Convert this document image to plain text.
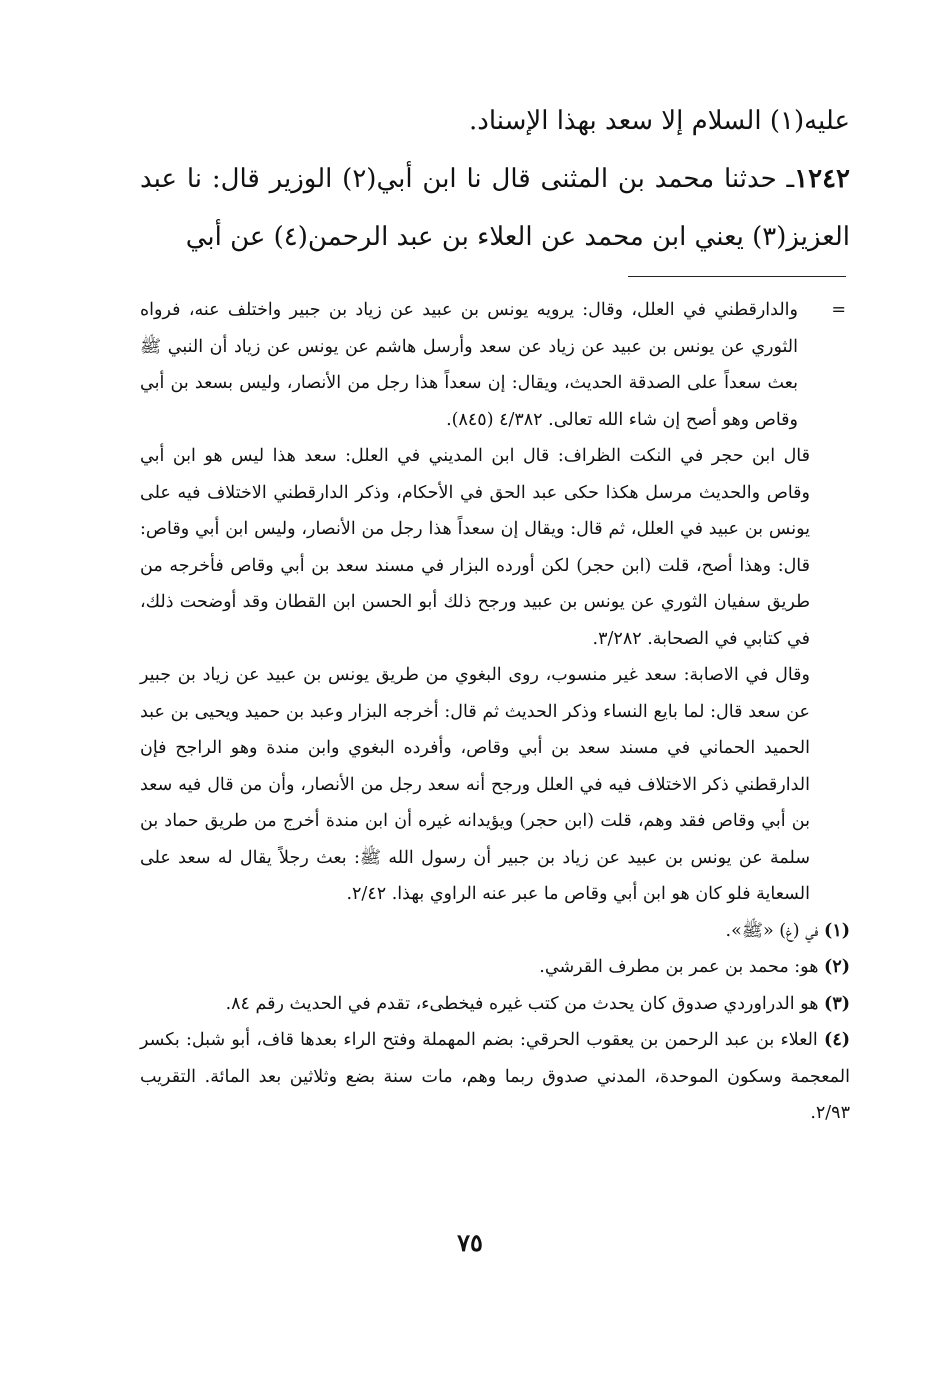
عليه(١) السلام إلا سعد بهذا الإسناد.

١٢٤٢ـ حدثنا محمد بن المثنى قال نا ابن أبي(٢) الوزير قال: نا عبد العزيز(٣) يعني ابن محمد عن العلاء بن عبد الرحمن(٤) عن أبي

=
والدارقطني في العلل، وقال: يرويه يونس بن عبيد عن زياد بن جبير واختلف عنه، فرواه الثوري عن يونس بن عبيد عن زياد عن سعد وأرسل هاشم عن يونس عن زياد أن النبي ﷺ بعث سعداً على الصدقة الحديث، ويقال: إن سعداً هذا رجل من الأنصار، وليس بسعد بن أبي وقاص وهو أصح إن شاء الله تعالى. ٤/٣٨٢ (٨٤٥).

قال ابن حجر في النكت الظراف: قال ابن المديني في العلل: سعد هذا ليس هو ابن أبي وقاص والحديث مرسل هكذا حكى عبد الحق في الأحكام، وذكر الدارقطني الاختلاف فيه على يونس بن عبيد في العلل، ثم قال: ويقال إن سعداً هذا رجل من الأنصار، وليس ابن أبي وقاص: قال: وهذا أصح، قلت (ابن حجر) لكن أورده البزار في مسند سعد بن أبي وقاص فأخرجه من طريق سفيان الثوري عن يونس بن عبيد ورجح ذلك أبو الحسن ابن القطان وقد أوضحت ذلك، في كتابي في الصحابة. ٣/٢٨٢.

وقال في الاصابة: سعد غير منسوب، روى البغوي من طريق يونس بن عبيد عن زياد بن جبير عن سعد قال: لما بايع النساء وذكر الحديث ثم قال: أخرجه البزار وعبد بن حميد ويحيى بن عبد الحميد الحماني في مسند سعد بن أبي وقاص، وأفرده البغوي وابن مندة وهو الراجح فإن الدارقطني ذكر الاختلاف فيه في العلل ورجح أنه سعد رجل من الأنصار، وأن من قال فيه سعد بن أبي وقاص فقد وهم، قلت (ابن حجر) ويؤيدانه غيره أن ابن مندة أخرج من طريق حماد بن سلمة عن يونس بن عبيد عن زياد بن جبير أن رسول الله ﷺ: بعث رجلاً يقال له سعد على السعاية فلو كان هو ابن أبي وقاص ما عبر عنه الراوي بهذا. ٢/٤٢.

(١) في (غ) «ﷺ».

(٢) هو: محمد بن عمر بن مطرف القرشي.

(٣) هو الدراوردي صدوق كان يحدث من كتب غيره فيخطىء، تقدم في الحديث رقم ٨٤.

(٤) العلاء بن عبد الرحمن بن يعقوب الحرقي: بضم المهملة وفتح الراء بعدها قاف، أبو شبل: بكسر المعجمة وسكون الموحدة، المدني صدوق ربما وهم، مات سنة بضع وثلاثين بعد المائة. التقريب ٢/٩٣.

٧٥
